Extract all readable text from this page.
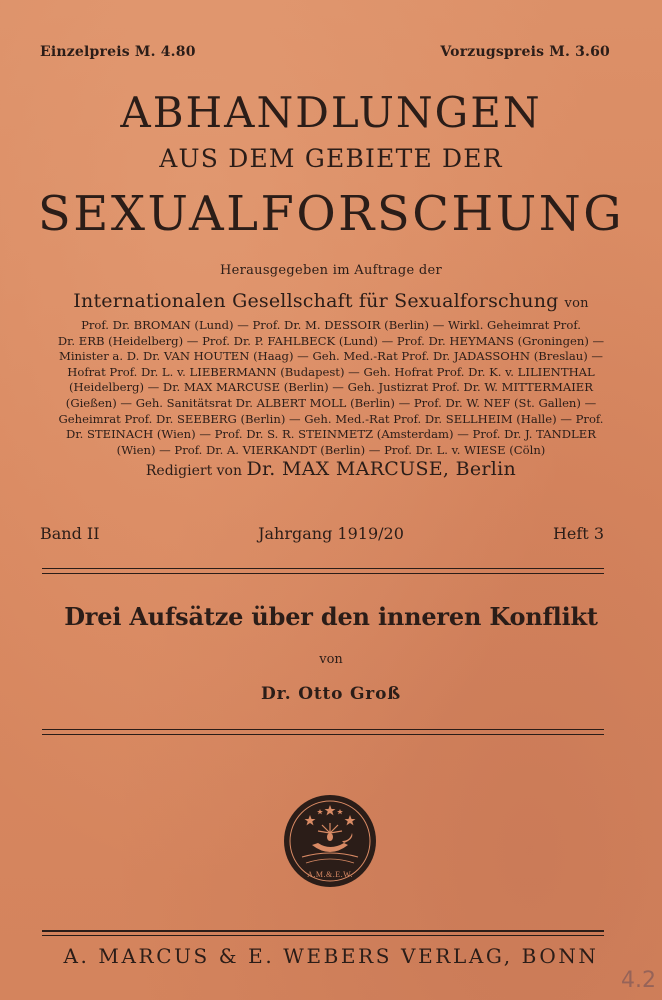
Einzelpreis M. 4.80	Vorzugspreis M. 3.60
ABHANDLUNGEN
AUS DEM GEBIETE DER
SEXUALFORSCHUNG
Herausgegeben im Auftrage der
Internationalen Gesellschaft für Sexualforschung von
Prof. Dr. BROMAN (Lund) — Prof. Dr. M. DESSOIR (Berlin) — Wirkl. Geheimrat Prof.
Dr. ERB (Heidelberg) — Prof. Dr. P. FAHLBECK (Lund) — Prof. Dr. HEYMANS (Groningen) —
Minister a. D. Dr. VAN HOUTEN (Haag) — Geh. Med.-Rat Prof. Dr. JADASSOHN (Breslau) —
Hofrat Prof. Dr. L. v. LIEBERMANN (Budapest) — Geh. Hofrat Prof. Dr. K. v. LILIENTHAL
(Heidelberg) — Dr. MAX MARCUSE (Berlin) — Geh. Justizrat Prof. Dr. W. MITTERMAIER
(Gießen) — Geh. Sanitätsrat Dr. ALBERT MOLL (Berlin) — Prof. Dr. W. NEF (St. Gallen) —
Geheimrat Prof. Dr. SEEBERG (Berlin) — Geh. Med.-Rat Prof. Dr. SELLHEIM (Halle) — Prof.
Dr. STEINACH (Wien) — Prof. Dr. S. R. STEINMETZ (Amsterdam) — Prof. Dr. J. TANDLER
(Wien) — Prof. Dr. A. VIERKANDT (Berlin) — Prof. Dr. L. v. WIESE (Cöln)
Redigiert von Dr. MAX MARCUSE, Berlin
Band II	Jahrgang 1919/20	Heft 3
Drei Aufsätze über den inneren Konflikt
von
Dr. Otto Groß
A.M.&.E.W.
A. MARCUS & E. WEBERS VERLAG, BONN
4.2
